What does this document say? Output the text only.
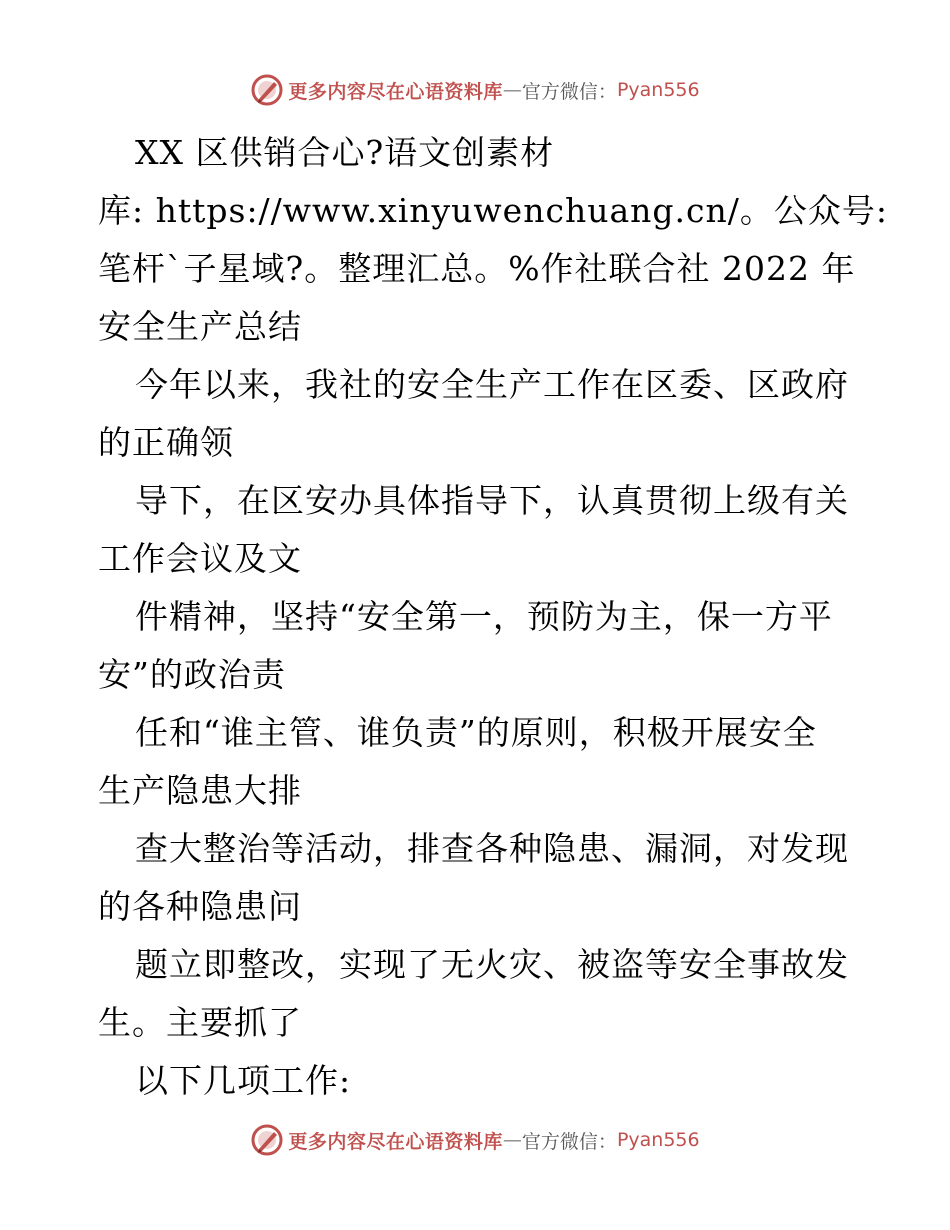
更多内容尽在心语资料库 — 官方微信： Pyan556
XX 区供销合心?语文创素材
库: https://www.xinyuwenchuang.cn/。公众号:
笔杆`子星域?。整理汇总。%作社联合社 2022 年
安全生产总结
今年以来，我社的安全生产工作在区委、区政府
的正确领
导下，在区安办具体指导下，认真贯彻上级有关
工作会议及文
件精神，坚持“安全第一，预防为主，保一方平
安”的政治责
任和“谁主管、谁负责”的原则，积极开展安全
生产隐患大排
查大整治等活动，排查各种隐患、漏洞，对发现
的各种隐患问
题立即整改，实现了无火灾、被盗等安全事故发
生。主要抓了
以下几项工作:
更多内容尽在心语资料库 — 官方微信： Pyan556
